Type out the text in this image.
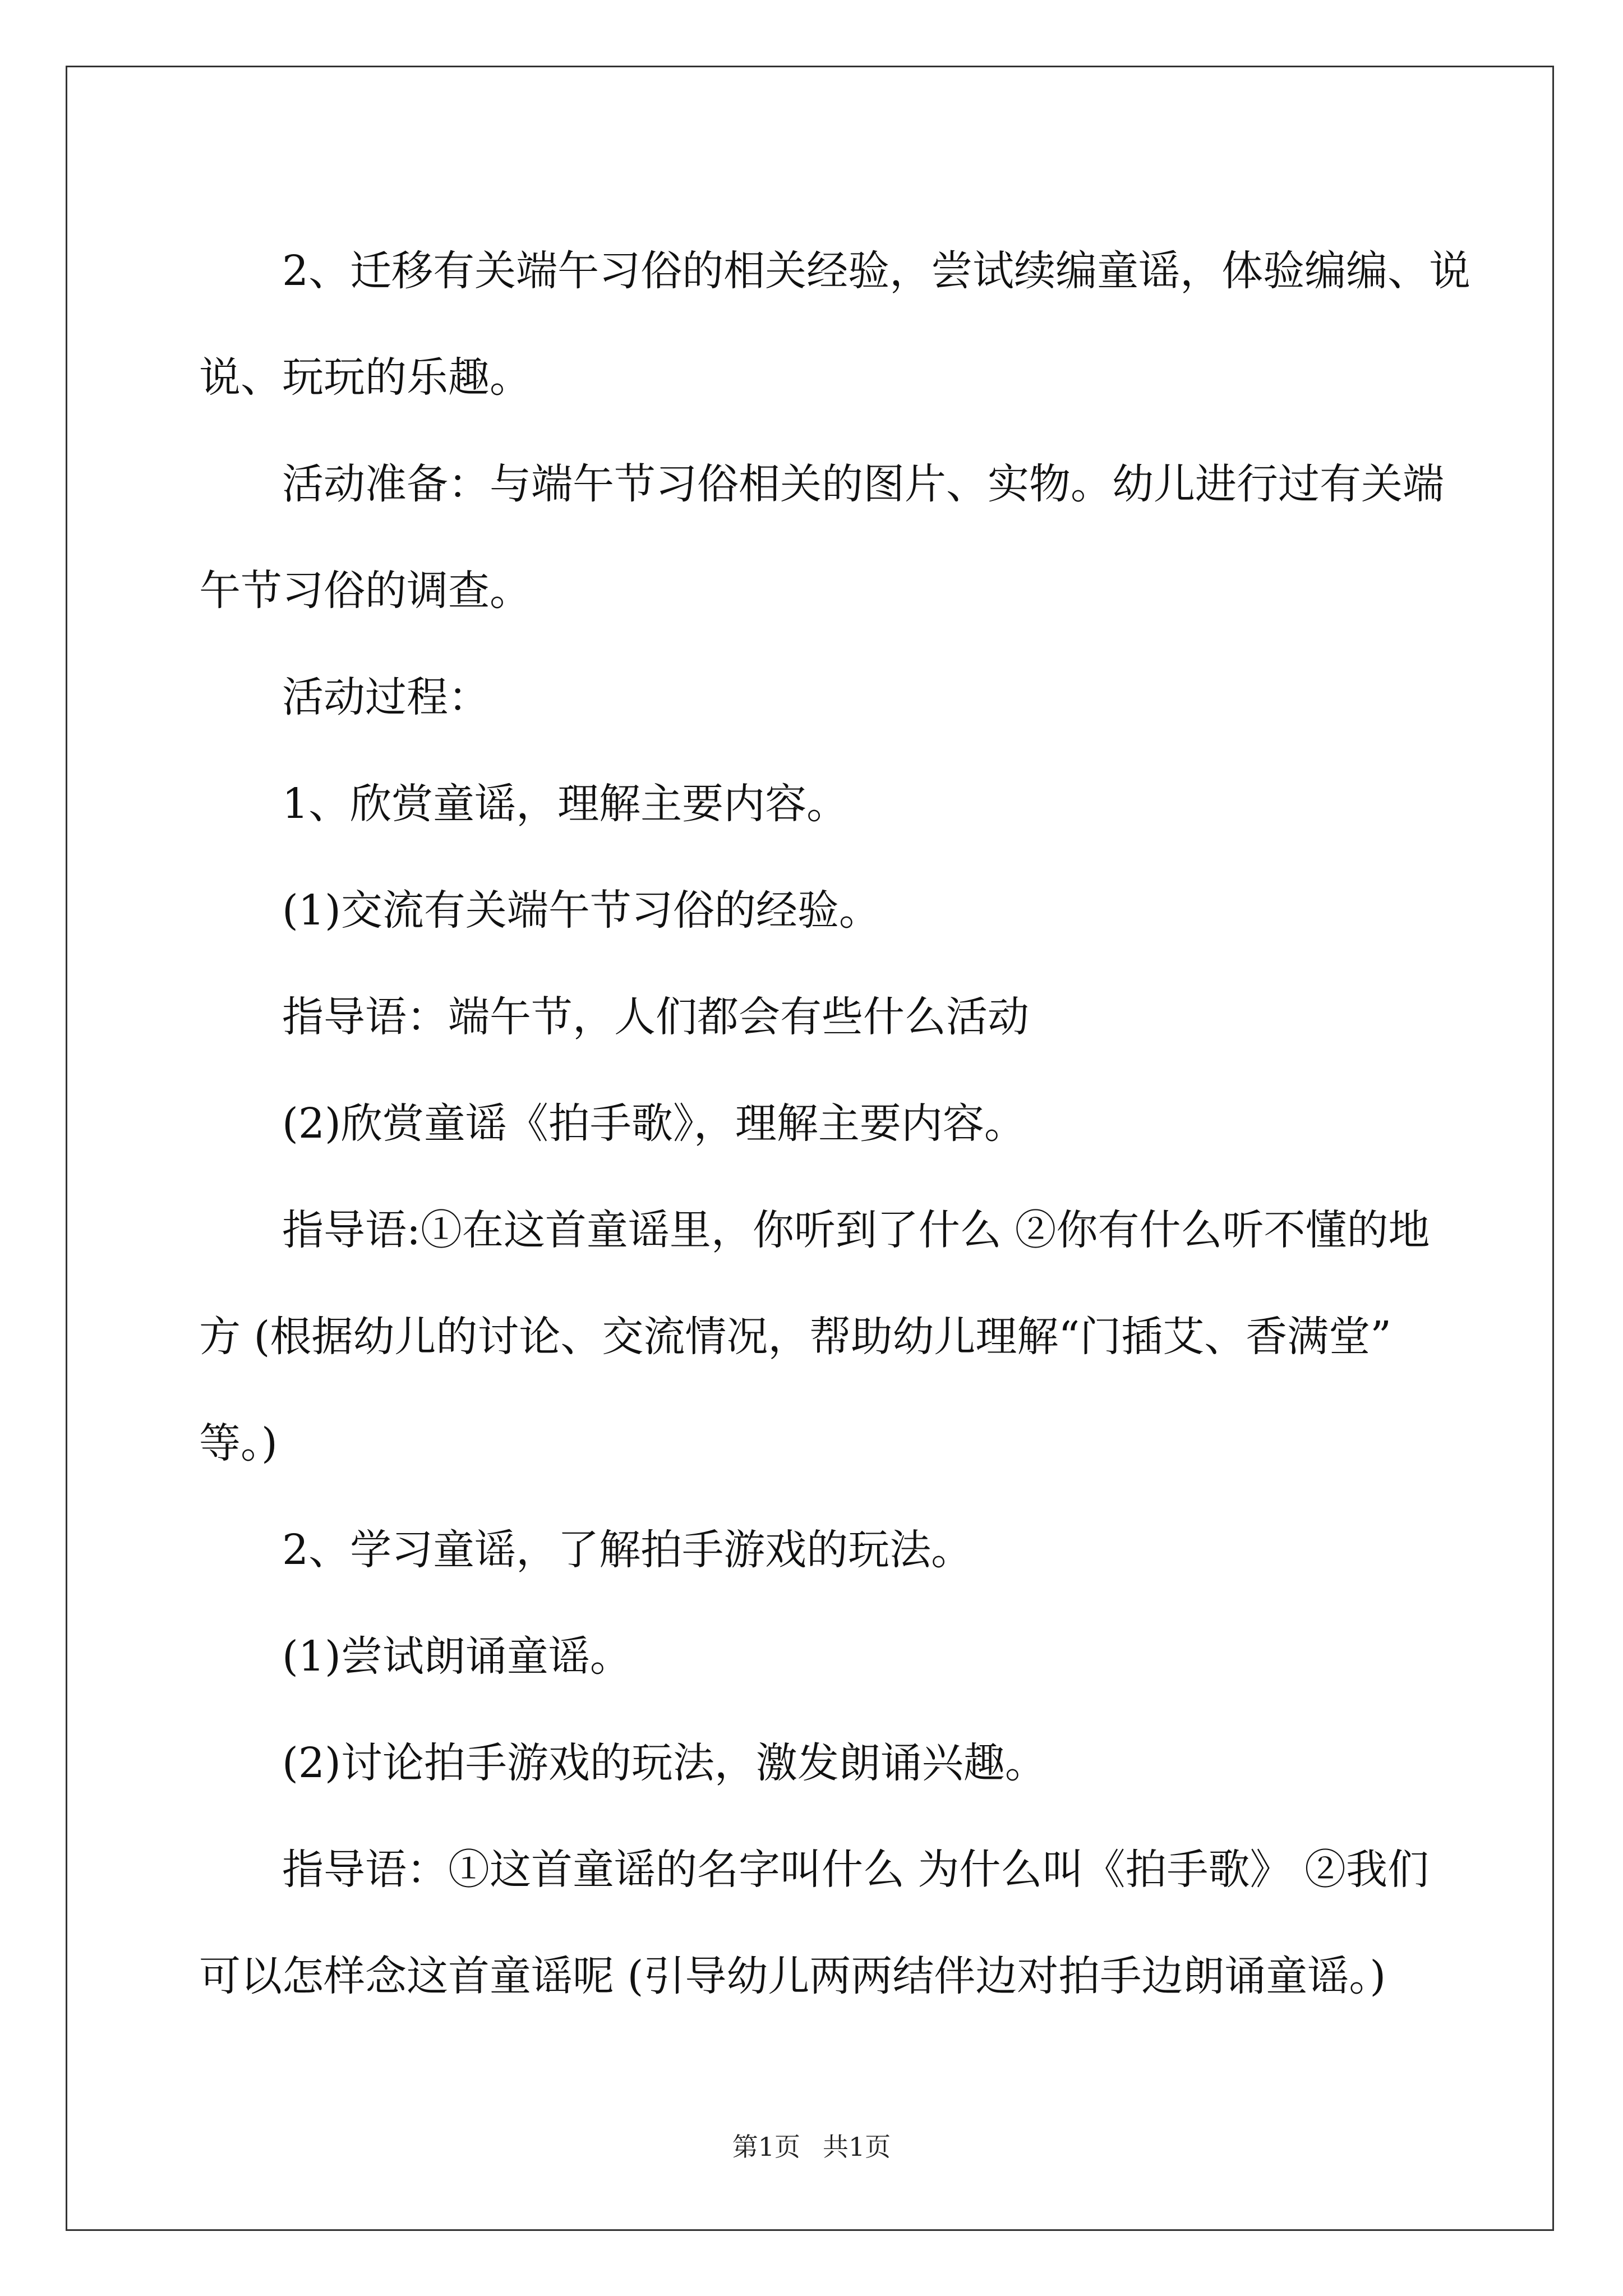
2、迁移有关端午习俗的相关经验，尝试续编童谣，体验编编、说

说、玩玩的乐趣。

活动准备：与端午节习俗相关的图片、实物。幼儿进行过有关端

午节习俗的调查。

活动过程：

1、欣赏童谣，理解主要内容。

(1)交流有关端午节习俗的经验。

指导语：端午节，人们都会有些什么活动

(2)欣赏童谣《拍手歌》，理解主要内容。

指导语:①在这首童谣里，你听到了什么 ②你有什么听不懂的地

方 (根据幼儿的讨论、交流情况，帮助幼儿理解“门插艾、香满堂”

等。)

2、学习童谣，了解拍手游戏的玩法。

(1)尝试朗诵童谣。

(2)讨论拍手游戏的玩法，激发朗诵兴趣。

指导语：①这首童谣的名字叫什么 为什么叫《拍手歌》 ②我们

可以怎样念这首童谣呢 (引导幼儿两两结伴边对拍手边朗诵童谣。)

第1页 共1页
